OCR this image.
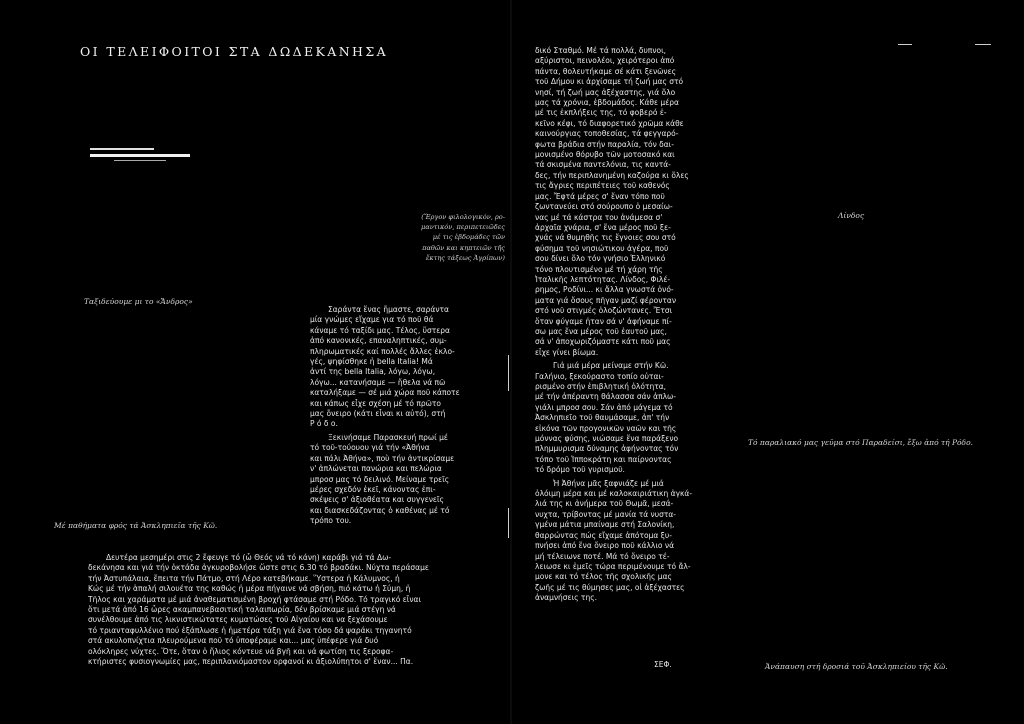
ΟΙ ΤΕΛΕΙΦΟΙΤΟΙ ΣΤΑ ΔΩΔΕΚΑΝΗΣΑ
Ταξιδεύουμε μι το «Ἄνδρος»
(Ἔργον φιλολογικόν, ρο-
μαντικόν, περιπετειῶδες
μέ τις ἐβδομάδες τῶν
παθῶν και κηπτειῶν τῆς
ἕκτης τάξεως Ἀγρίπων)
Σαράντα ἕνας ἤμαστε, σαράντα
μία γνώμες εἴχαμε για τό ποῦ θά
κάναμε τό ταξίδι μας. Τέλος, ὕστερα
ἀπό κανονικές, επαναληπτικές, συμ-
πληρωματικές καί πολλές ἄλλες ἐκλο-
γές, ψηφίσθηκε ἡ bella Italia! Μά
ἀντί της bella Italia, λόγω, λόγω,
λόγω... κατανήσαμε — ἤθελα νά πῶ
καταλήξαμε — σέ μιά χώρα ποῦ κάποτε
και κάπως εἶχε σχέση μέ τό πρῶτο
μας ὄνειρο (κάτι εἶναι κι αὐτό), στή
Ρ ό δ ο.
Ξεκινήσαμε Παρασκευή πρωί μέ
τό τοῦ-τούουου γιά τήν «Ἀθήνα
και πάλι Ἀθήνα», ποὺ τήν ἀντικρίσαμε
ν' ἀπλώνεται πανώρια και πελώρια
μπροσ μας τό δειλινό. Μείναμε τρεῖς
μέρες σχεδόν ἐκεῖ, κάνοντας ἐπι-
σκέψεις σ' ἀξιοθέατα και συγγενεῖς
και διασκεδάζοντας ὁ καθένας μέ τό
τρόπο του.
Μέ παθήματα φρός τά Ἀσκληπιεῖα τῆς Κῶ.
Δευτέρα μεσημέρι στις 2 ἔφευγε τό (ὦ Θεός νά τό κάνη) καράβι γιά τά Δω-
δεκάνησα και γιά τήν ὀκτάδα ἀγκυροβολήσε ὥστε στις 6.30 τό βραδάκι. Νύχτα περάσαμε
τήν Ἀστυπάλαια, ἔπειτα τήν Πάτμο, στή Λέρο κατεβήκαμε. Ὕστερα ἡ Κάλυμνος, ἡ
Κώς μέ τήν ἁπαλή σιλουέτα της καθώς ἡ μέρα πήγαινε νά σβήση, πιό κάτω ἡ Σύμη, ἡ
Τῆλος και χαράματα μέ μιά ἀναθεματισμένη βροχή φτάσαμε στή Ρόδο. Τό τραγικό εἶναι
ὅτι μετά ἀπό 16 ὧρες ακαμπανεβασιτική ταλαιπωρία, δέν βρίσκαμε μιά στέγη νά
συνέλθουμε ἀπό τις λικνιστικώτατες κυματώσες τοῦ Αἰγαίου και να ξεχάσουμε
τό τριανταφυλλένιο πού ἐξάπλωσε ἡ ἡμετέρα τάξη γιά ἕνα τόσο δά ψαράκι τηγανητό
στά ακυλοπνίχτια πλευρούμενα ποῦ τό ὑποφέραμε και... μας ὑπέφερε γιά δυό
ολόκληρες νύχτες. Ὅτε, ὅταν ὁ ἥλιος κόντευε νά βγῆ και νά φωτίση τις ξεροφα-
κτήριστες φυσιογνωμίες μας, περιπλανιόμαστον ορφανοί κι ἀξιολύπητοι σ' ἕναν... Πα.
δικό Σταθμό. Μέ τά πολλά, δυπνοι,
αξύριστοι, πεινολέοι, χειρότεροι ἀπό
πάντα, θολευτήκαμε σέ κάτι ξενῶνες
τοῦ Δήμου κι ἀρχίσαμε τή ζωή μας στό
νησί, τή ζωή μας ἀξέχαστης, γιά ὅλο
μας τά χρόνια, ἑβδομάδος. Κάθε μέρα
μέ τις ἐκπλήξεις της, τό φοβερό ἐ-
κεῖνο κέφι, τό διαφορετικό χρῶμα κάθε
καινούργιας τοποθεσίας, τά φεγγαρό-
φωτα βράδια στήν παραλία, τόν δαι-
μονισμένο θόρυβο τῶν μοτοσακό και
τά σκισμένα παντελόνια, τις καντά-
δες, τήν περιπλανημένη καζούρα κι ὅλες
τις ἄγριες περιπέτειες τοῦ καθενός
μας. Ἔφτά μέρες σ' ἕναν τόπο ποῦ
ζωντανεύει στό σούρουπο ὁ μεσαίω-
νας μέ τά κάστρα του ἀνάμεσα σ'
ἀρχαῖα χνάρια, σ' ἕνα μέρος ποῦ ξε-
χνάς νά θυμηθῆς τις ἔγνοιες σου στό
φύσημα τοῦ νησιώτικου ἀγέρα, ποῦ
σου δίνει ὅλο τόν γνήσιο Ἑλληνικό
τόνο πλουτισμένο μέ τή χάρη τῆς
Ἰταλικῆς λεπτότητας. Λίνδος, Φιλέ-
ρημος, Ροδίνι... κι ἄλλα γνωστά ὀνό-
ματα γιά ὅσους πῆγαν μαζί φέρονταν
στό νοῦ στιγμές ὁλοζώντανες. Ἔτσι
ὅταν φύγαμε ἦταν σά ν' ἀφήναμε πί-
σω μας ἕνα μέρος τοῦ ἑαυτοῦ μας,
σά ν' ἀποχωριζόμαστε κάτι ποῦ μας
εἶχε γίνει βίωμα.
Γιά μιά μέρα μείναμε στήν Κῶ.
Γαλήνιο, ξεκούραστο τοπίο οὐται-
ρισμένο στήν ἐπιβλητική ὁλότητα,
μέ τήν ἀπέραντη θάλασσα σάν ἀπλω-
γιάλι μπροσ σου. Σάν ἀπό μάγεμα τό
Ἀσκληπιεῖο τοῦ θαυμάσαμε, ἀπ' τήν
εἰκόνα τῶν προγονικῶν ναῶν και τῆς
μόννας φύσης, νιώσαμε ἕνα παράξενο
πλημμυρισμα δύναμης ἀφήνοντας τόν
τόπο τοῦ Ἱπποκράτη και παίρνοντας
τό δρόμο τοῦ γυρισμοῦ.
Ἡ Ἀθήνα μᾶς ξαφνιάζε μέ μιά
ὁλόιμη μέρα και μέ καλοκαιριάτικη ἀγκά-
λιά της κι ἀνήμερα τοῦ Θωμᾶ, μεσά-
νυχτα, τρίβοντας μέ μανία τά νυστα-
γμένα μάτια μπαίναμε στή Σαλονίκη,
θαρρώντας πώς εἴχαμε ἀπότομα ξυ-
πνήσει ἀπό ἕνα ὄνειρο ποῦ κάλλιο νά
μή τέλειωνε ποτέ. Μά τό ὄνειρο τέ-
λειωσε κι ἐμεῖς τώρα περιμένουμε τό ἄλ-
μονε και τό τέλος τῆς σχολικῆς μας
ζωῆς μέ τις θύμησες μας, οἱ ἀξέχαστες
ἀναμνήσεις της.
ΣΕΦ.
Λίνδος
Τό παραλιακό μας γεῦμα στό Παραδείσι, ἔξω ἀπό τή Ρόδο.
Ἀνάπαυση στή δροσιά τοῦ Ἀσκληπιείου τῆς Κῶ.
